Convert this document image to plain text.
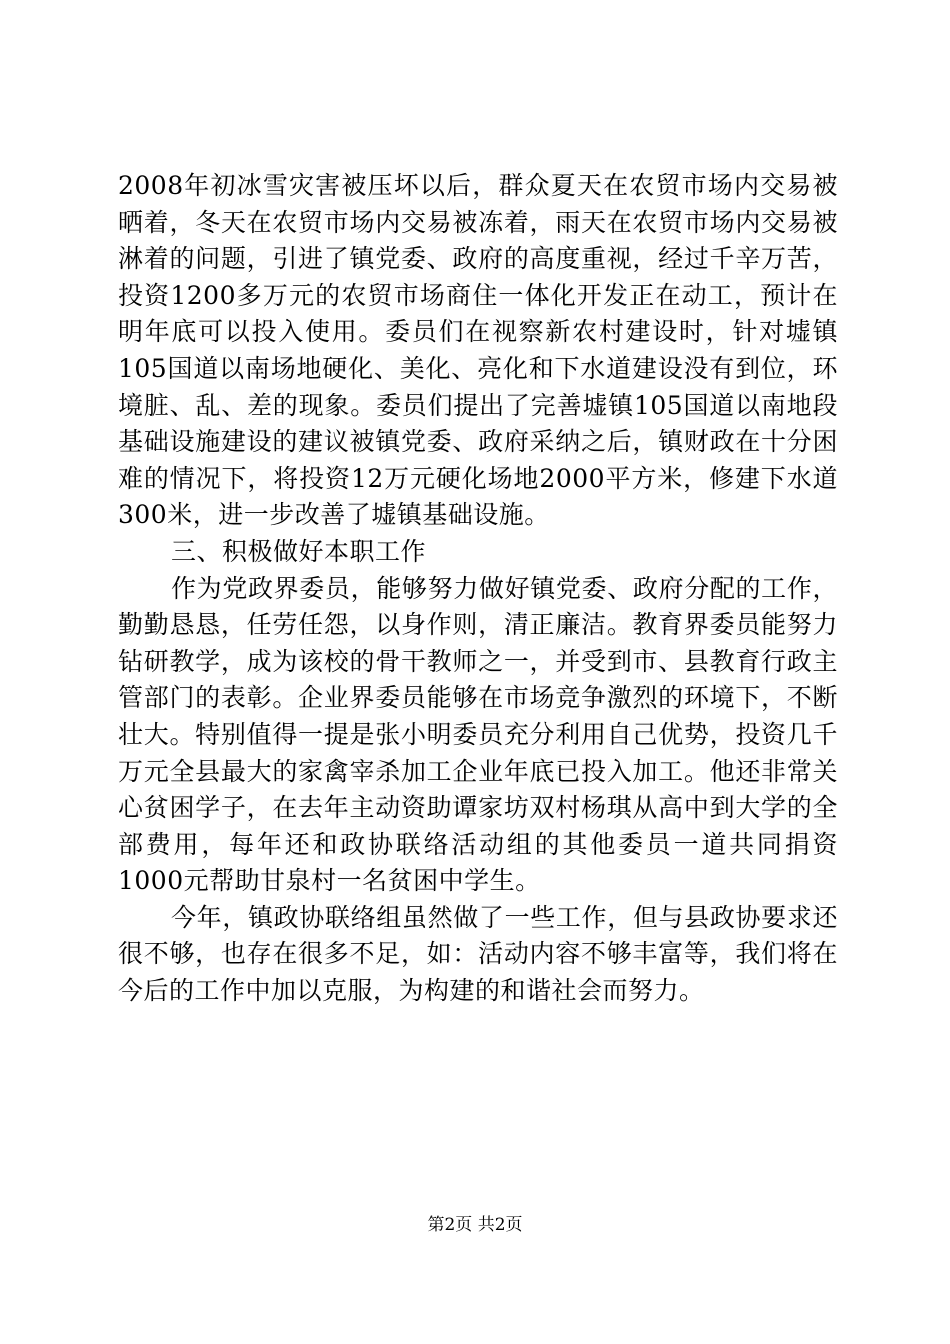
2008年初冰雪灾害被压坏以后，群众夏天在农贸市场内交易被晒着，冬天在农贸市场内交易被冻着，雨天在农贸市场内交易被淋着的问题，引进了镇党委、政府的高度重视，经过千辛万苦，投资1200多万元的农贸市场商住一体化开发正在动工，预计在明年底可以投入使用。委员们在视察新农村建设时，针对墟镇105国道以南场地硬化、美化、亮化和下水道建设没有到位，环境脏、乱、差的现象。委员们提出了完善墟镇105国道以南地段基础设施建设的建议被镇党委、政府采纳之后，镇财政在十分困难的情况下，将投资12万元硬化场地2000平方米，修建下水道300米，进一步改善了墟镇基础设施。

三、积极做好本职工作

作为党政界委员，能够努力做好镇党委、政府分配的工作，勤勤恳恳，任劳任怨，以身作则，清正廉洁。教育界委员能努力钻研教学，成为该校的骨干教师之一，并受到市、县教育行政主管部门的表彰。企业界委员能够在市场竞争激烈的环境下，不断壮大。特别值得一提是张小明委员充分利用自己优势，投资几千万元全县最大的家禽宰杀加工企业年底已投入加工。他还非常关心贫困学子，在去年主动资助谭家坊双村杨琪从高中到大学的全部费用，每年还和政协联络活动组的其他委员一道共同捐资1000元帮助甘泉村一名贫困中学生。

今年，镇政协联络组虽然做了一些工作，但与县政协要求还很不够，也存在很多不足，如：活动内容不够丰富等，我们将在今后的工作中加以克服，为构建的和谐社会而努力。

第2页 共2页
